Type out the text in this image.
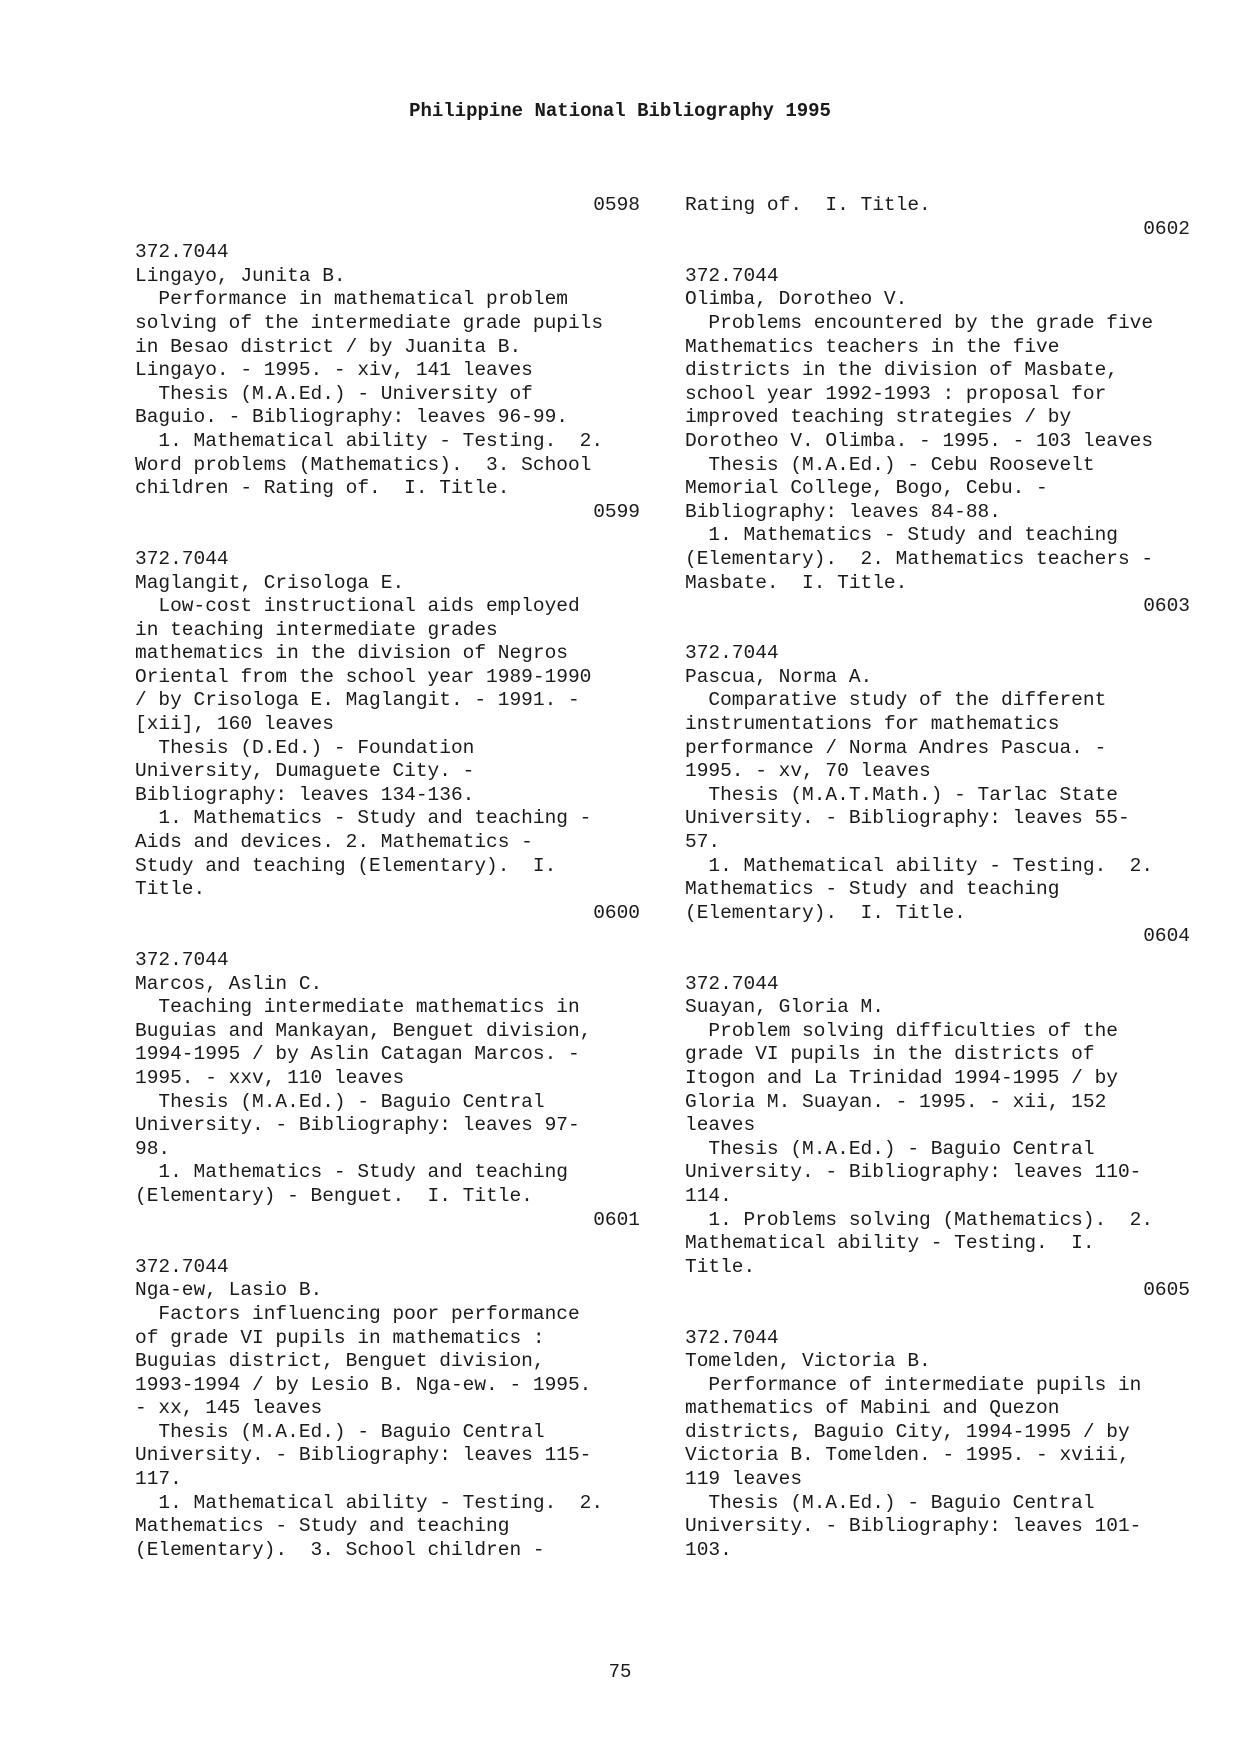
Philippine National Bibliography 1995
0598
372.7044
Lingayo, Junita B.
Performance in mathematical problem
solving of the intermediate grade pupils
in Besao district / by Juanita B.
Lingayo. - 1995. - xiv, 141 leaves
Thesis (M.A.Ed.) - University of
Baguio. - Bibliography: leaves 96-99.
1. Mathematical ability - Testing.  2.
Word problems (Mathematics).  3. School
children - Rating of.  I. Title.
0599
372.7044
Maglangit, Crisologa E.
Low-cost instructional aids employed
in teaching intermediate grades
mathematics in the division of Negros
Oriental from the school year 1989-1990
/ by Crisologa E. Maglangit. - 1991. -
[xii], 160 leaves
Thesis (D.Ed.) - Foundation
University, Dumaguete City. -
Bibliography: leaves 134-136.
1. Mathematics - Study and teaching -
Aids and devices. 2. Mathematics -
Study and teaching (Elementary).  I.
Title.
0600
372.7044
Marcos, Aslin C.
Teaching intermediate mathematics in
Buguias and Mankayan, Benguet division,
1994-1995 / by Aslin Catagan Marcos. -
1995. - xxv, 110 leaves
Thesis (M.A.Ed.) - Baguio Central
University. - Bibliography: leaves 97-
98.
1. Mathematics - Study and teaching
(Elementary) - Benguet.  I. Title.
0601
372.7044
Nga-ew, Lasio B.
Factors influencing poor performance
of grade VI pupils in mathematics :
Buguias district, Benguet division,
1993-1994 / by Lesio B. Nga-ew. - 1995.
- xx, 145 leaves
Thesis (M.A.Ed.) - Baguio Central
University. - Bibliography: leaves 115-
117.
1. Mathematical ability - Testing.  2.
Mathematics - Study and teaching
(Elementary).  3. School children -
Rating of.  I. Title.
0602
372.7044
Olimba, Dorotheo V.
Problems encountered by the grade five
Mathematics teachers in the five
districts in the division of Masbate,
school year 1992-1993 : proposal for
improved teaching strategies / by
Dorotheo V. Olimba. - 1995. - 103 leaves
Thesis (M.A.Ed.) - Cebu Roosevelt
Memorial College, Bogo, Cebu. -
Bibliography: leaves 84-88.
1. Mathematics - Study and teaching
(Elementary).  2. Mathematics teachers -
Masbate.  I. Title.
0603
372.7044
Pascua, Norma A.
Comparative study of the different
instrumentations for mathematics
performance / Norma Andres Pascua. -
1995. - xv, 70 leaves
Thesis (M.A.T.Math.) - Tarlac State
University. - Bibliography: leaves 55-
57.
1. Mathematical ability - Testing.  2.
Mathematics - Study and teaching
(Elementary).  I. Title.
0604
372.7044
Suayan, Gloria M.
Problem solving difficulties of the
grade VI pupils in the districts of
Itogon and La Trinidad 1994-1995 / by
Gloria M. Suayan. - 1995. - xii, 152
leaves
Thesis (M.A.Ed.) - Baguio Central
University. - Bibliography: leaves 110-
114.
1. Problems solving (Mathematics).  2.
Mathematical ability - Testing.  I.
Title.
0605
372.7044
Tomelden, Victoria B.
Performance of intermediate pupils in
mathematics of Mabini and Quezon
districts, Baguio City, 1994-1995 / by
Victoria B. Tomelden. - 1995. - xviii,
119 leaves
Thesis (M.A.Ed.) - Baguio Central
University. - Bibliography: leaves 101-
103.
75
